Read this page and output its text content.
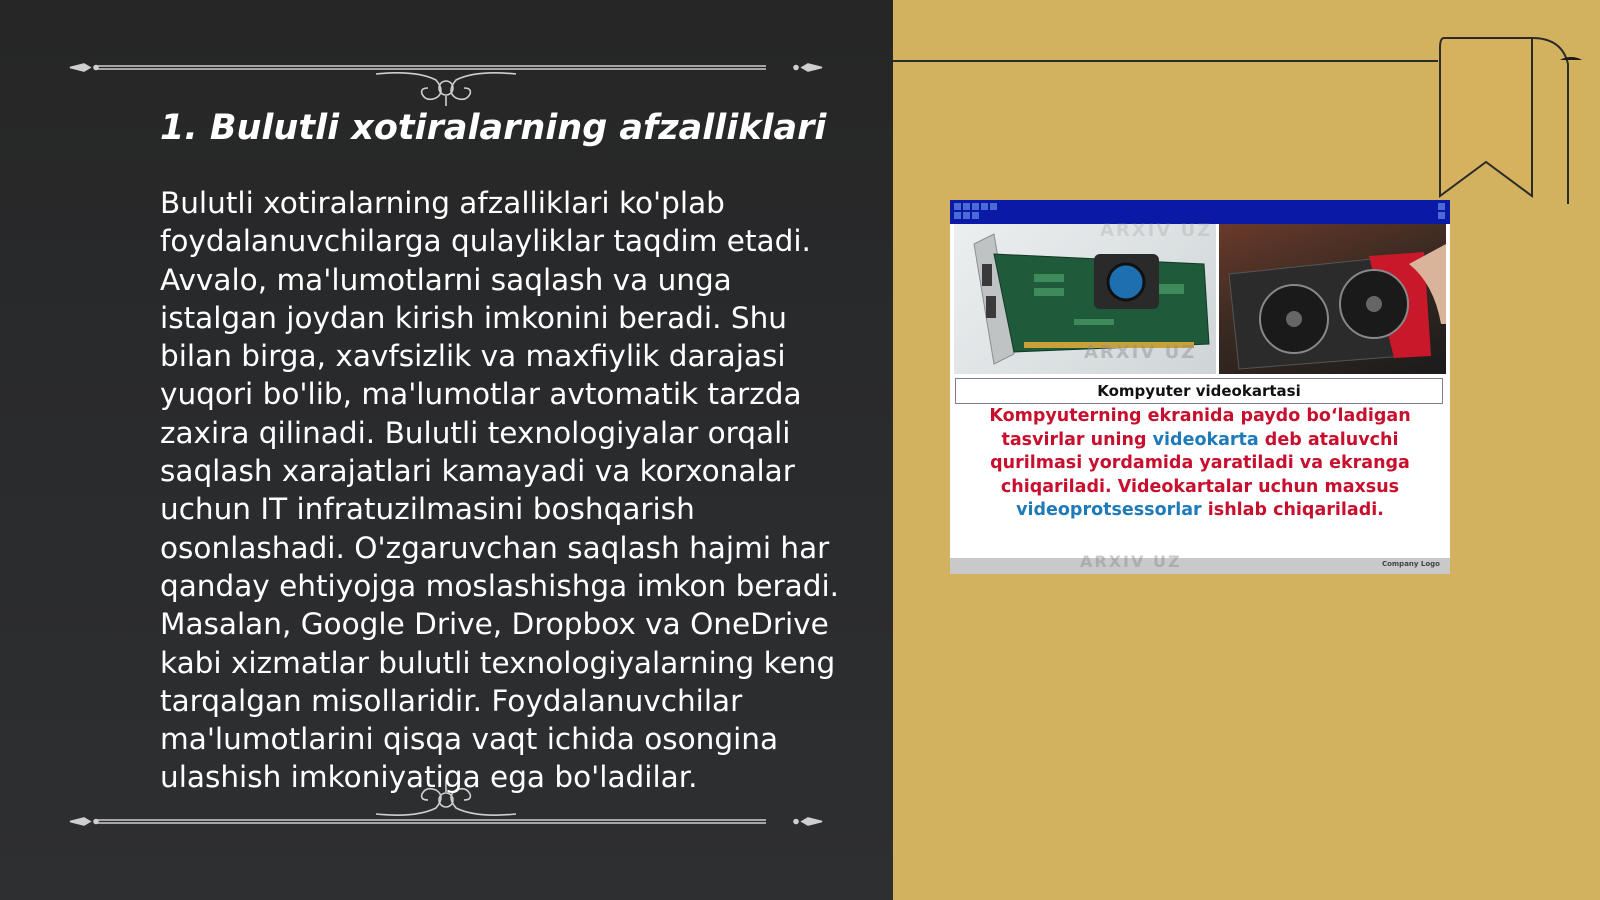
1. Bulutli xotiralarning afzalliklari

Bulutli xotiralarning afzalliklari ko'plab foydalanuvchilarga qulayliklar taqdim etadi. Avvalo, ma'lumotlarni saqlash va unga istalgan joydan kirish imkonini beradi. Shu bilan birga, xavfsizlik va maxfiylik darajasi yuqori bo'lib, ma'lumotlar avtomatik tarzda zaxira qilinadi. Bulutli texnologiyalar orqali saqlash xarajatlari kamayadi va korxonalar uchun IT infratuzilmasini boshqarish osonlashadi. O'zgaruvchan saqlash hajmi har qanday ehtiyojga moslashishga imkon beradi. Masalan, Google Drive, Dropbox va OneDrive kabi xizmatlar bulutli texnologiyalarning keng tarqalgan misollaridir. Foydalanuvchilar ma'lumotlarini qisqa vaqt ichida osongina ulashish imkoniyatiga ega bo'ladilar.

ARXIV UZ
ARXIV UZ
Kompyuter videokartasi

Kompyuterning ekranida paydo bo‘ladigan tasvirlar uning videokarta deb ataluvchi qurilmasi yordamida yaratiladi va ekranga chiqariladi. Videokartalar uchun maxsus videoprotsessorlar ishlab chiqariladi.

ARXIV UZ	Company Logo
